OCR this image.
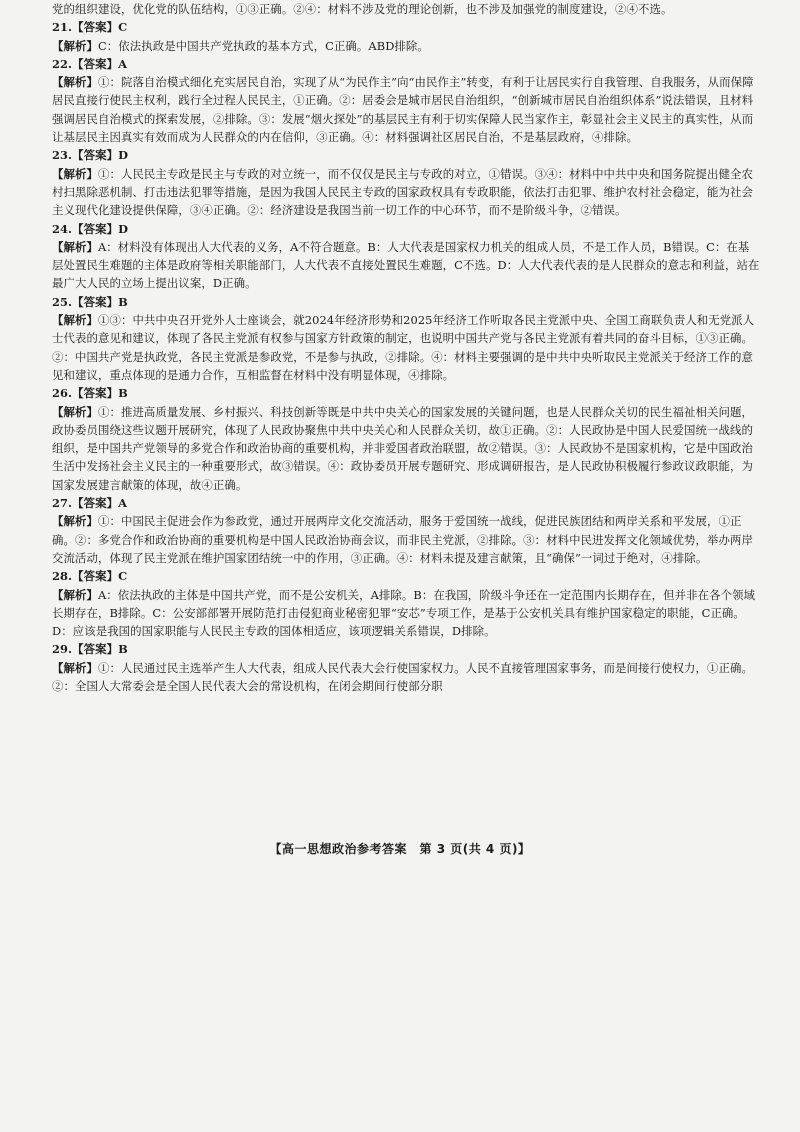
党的组织建设，优化党的队伍结构，①③正确。②④：材料不涉及党的理论创新，也不涉及加强党的制度建设，②④不选。

21.【答案】C

【解析】C：依法执政是中国共产党执政的基本方式，C正确。ABD排除。

22.【答案】A

【解析】①：院落自治模式细化充实居民自治，实现了从“为民作主”向“由民作主”转变，有利于让居民实行自我管理、自我服务，从而保障居民直接行使民主权利，践行全过程人民民主，①正确。②：居委会是城市居民自治组织，“创新城市居民自治组织体系”说法错误，且材料强调居民自治模式的探索发展，②排除。③：发展“烟火探处”的基层民主有利于切实保障人民当家作主，彰显社会主义民主的真实性，从而让基层民主因真实有效而成为人民群众的内在信仰，③正确。④：材料强调社区居民自治，不是基层政府，④排除。

23.【答案】D

【解析】①：人民民主专政是民主与专政的对立统一，而不仅仅是民主与专政的对立，①错误。③④：材料中中共中央和国务院提出健全农村扫黑除恶机制、打击违法犯罪等措施，是因为我国人民民主专政的国家政权具有专政职能，依法打击犯罪、维护农村社会稳定，能为社会主义现代化建设提供保障，③④正确。②：经济建设是我国当前一切工作的中心环节，而不是阶级斗争，②错误。

24.【答案】D

【解析】A：材料没有体现出人大代表的义务，A不符合题意。B：人大代表是国家权力机关的组成人员，不是工作人员，B错误。C：在基层处置民生难题的主体是政府等相关职能部门，人大代表不直接处置民生难题，C不选。D：人大代表代表的是人民群众的意志和利益，站在最广大人民的立场上提出议案，D正确。

25.【答案】B

【解析】①③：中共中央召开党外人士座谈会，就2024年经济形势和2025年经济工作听取各民主党派中央、全国工商联负责人和无党派人士代表的意见和建议，体现了各民主党派有权参与国家方针政策的制定，也说明中国共产党与各民主党派有着共同的奋斗目标，①③正确。②：中国共产党是执政党，各民主党派是参政党，不是参与执政，②排除。④：材料主要强调的是中共中央听取民主党派关于经济工作的意见和建议，重点体现的是通力合作，互相监督在材料中没有明显体现，④排除。

26.【答案】B

【解析】①：推进高质量发展、乡村振兴、科技创新等既是中共中央关心的国家发展的关键问题，也是人民群众关切的民生福祉相关问题，政协委员围绕这些议题开展研究，体现了人民政协聚焦中共中央关心和人民群众关切，故①正确。②：人民政协是中国人民爱国统一战线的组织，是中国共产党领导的多党合作和政治协商的重要机构，并非爱国者政治联盟，故②错误。③：人民政协不是国家机构，它是中国政治生活中发扬社会主义民主的一种重要形式，故③错误。④：政协委员开展专题研究、形成调研报告，是人民政协积极履行参政议政职能，为国家发展建言献策的体现，故④正确。

27.【答案】A

【解析】①：中国民主促进会作为参政党，通过开展两岸文化交流活动，服务于爱国统一战线，促进民族团结和两岸关系和平发展，①正确。②：多党合作和政治协商的重要机构是中国人民政治协商会议，而非民主党派，②排除。③：材料中民进发挥文化领域优势，举办两岸交流活动，体现了民主党派在维护国家团结统一中的作用，③正确。④：材料未提及建言献策，且“确保”一词过于绝对，④排除。

28.【答案】C

【解析】A：依法执政的主体是中国共产党，而不是公安机关，A排除。B：在我国，阶级斗争还在一定范围内长期存在，但并非在各个领域长期存在，B排除。C：公安部部署开展防范打击侵犯商业秘密犯罪“安芯”专项工作，是基于公安机关具有维护国家稳定的职能，C正确。D：应该是我国的国家职能与人民民主专政的国体相适应，该项逻辑关系错误，D排除。

29.【答案】B

【解析】①：人民通过民主选举产生人大代表，组成人民代表大会行使国家权力。人民不直接管理国家事务，而是间接行使权力，①正确。②：全国人大常委会是全国人民代表大会的常设机构，在闭会期间行使部分职

【高一思想政治参考答案　第 3 页(共 4 页)】
